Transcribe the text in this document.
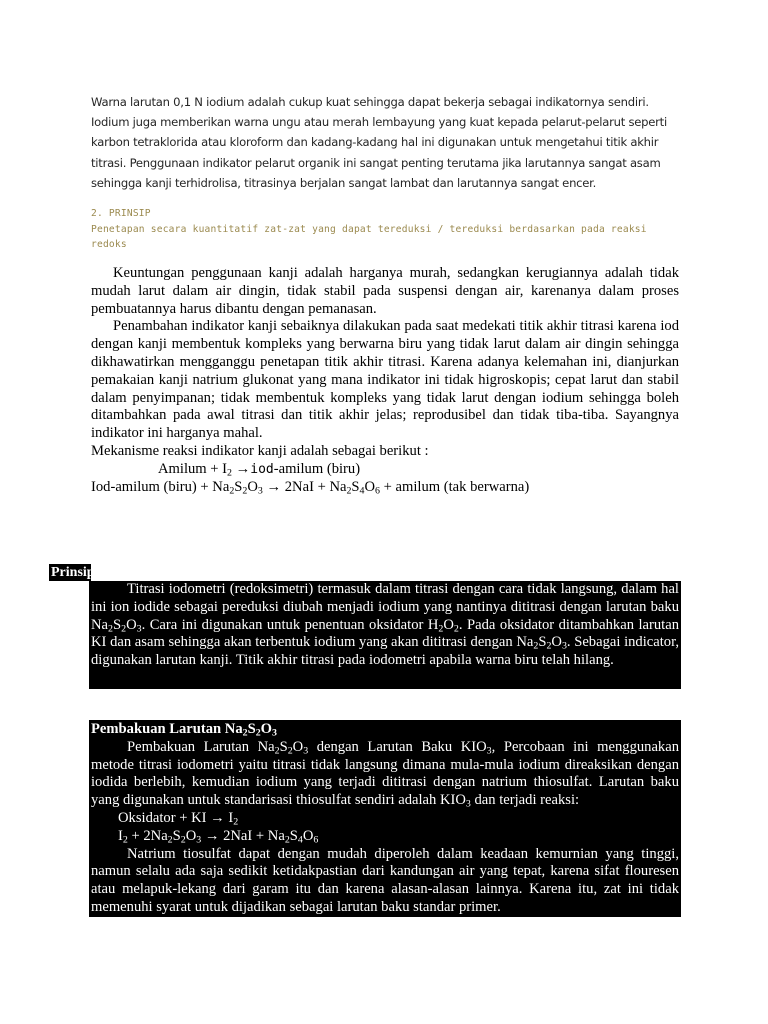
Warna larutan 0,1 N iodium adalah cukup kuat sehingga dapat bekerja sebagai indikatornya sendiri.

Iodium juga memberikan warna ungu atau merah lembayung yang kuat kepada pelarut-pelarut seperti

karbon tetraklorida atau kloroform dan kadang-kadang hal ini digunakan untuk mengetahui titik akhir

titrasi. Penggunaan indikator pelarut organik ini sangat penting terutama jika larutannya sangat asam

sehingga kanji terhidrolisa, titrasinya berjalan sangat lambat dan larutannya sangat encer.

2. PRINSIP
Penetapan secara kuantitatif zat-zat yang dapat tereduksi / tereduksi berdasarkan pada reaksi
redoks

Keuntungan penggunaan kanji adalah harganya murah, sedangkan kerugiannya adalah tidak mudah larut dalam air dingin, tidak stabil pada suspensi dengan air, karenanya dalam proses pembuatannya harus dibantu dengan pemanasan.

Penambahan indikator kanji sebaiknya dilakukan pada saat medekati titik akhir titrasi karena iod dengan kanji membentuk kompleks yang berwarna biru yang tidak larut dalam air dingin sehingga dikhawatirkan mengganggu penetapan titik akhir titrasi. Karena adanya kelemahan ini, dianjurkan pemakaian kanji natrium glukonat yang mana indikator ini tidak higroskopis; cepat larut dan stabil dalam penyimpanan; tidak membentuk kompleks yang tidak larut dengan iodium sehingga boleh ditambahkan pada awal titrasi dan titik akhir jelas; reprodusibel dan tidak tiba-tiba. Sayangnya indikator ini harganya mahal.

Mekanisme reaksi indikator kanji adalah sebagai berikut :

Amilum + $I_2$ →iod-amilum (biru)

Iod-amilum (biru) + $Na_2S_2O_3 \to 2NaI + Na_2S_4O_6$ + amilum (tak berwarna)

Prinsip

Titrasi iodometri (redoksimetri) termasuk dalam titrasi dengan cara tidak langsung, dalam hal ini ion iodide sebagai pereduksi diubah menjadi iodium yang nantinya dititrasi dengan larutan baku $Na_2S_2O_3$. Cara ini digunakan untuk penentuan oksidator $H_2O_2$. Pada oksidator ditambahkan larutan KI dan asam sehingga akan terbentuk iodium yang akan dititrasi dengan $Na_2S_2O_3$. Sebagai indicator, digunakan larutan kanji. Titik akhir titrasi pada iodometri apabila warna biru telah hilang.

Pembakuan Larutan $Na_2S_2O_3$

Pembakuan Larutan $Na_2S_2O_3$ dengan Larutan Baku $KIO_3$, Percobaan ini menggunakan metode titrasi iodometri yaitu titrasi tidak langsung dimana mula-mula iodium direaksikan dengan iodida berlebih, kemudian iodium yang terjadi dititrasi dengan natrium thiosulfat. Larutan baku yang digunakan untuk standarisasi thiosulfat sendiri adalah $KIO_3$ dan terjadi reaksi:

Oksidator + KI → $I_2$

$I_2 + 2Na_2S_2O_3 \to 2NaI + Na_2S_4O_6$

Natrium tiosulfat dapat dengan mudah diperoleh dalam keadaan kemurnian yang tinggi, namun selalu ada saja sedikit ketidakpastian dari kandungan air yang tepat, karena sifat flouresen atau melapuk-lekang dari garam itu dan karena alasan-alasan lainnya. Karena itu, zat ini tidak memenuhi syarat untuk dijadikan sebagai larutan baku standar primer.
